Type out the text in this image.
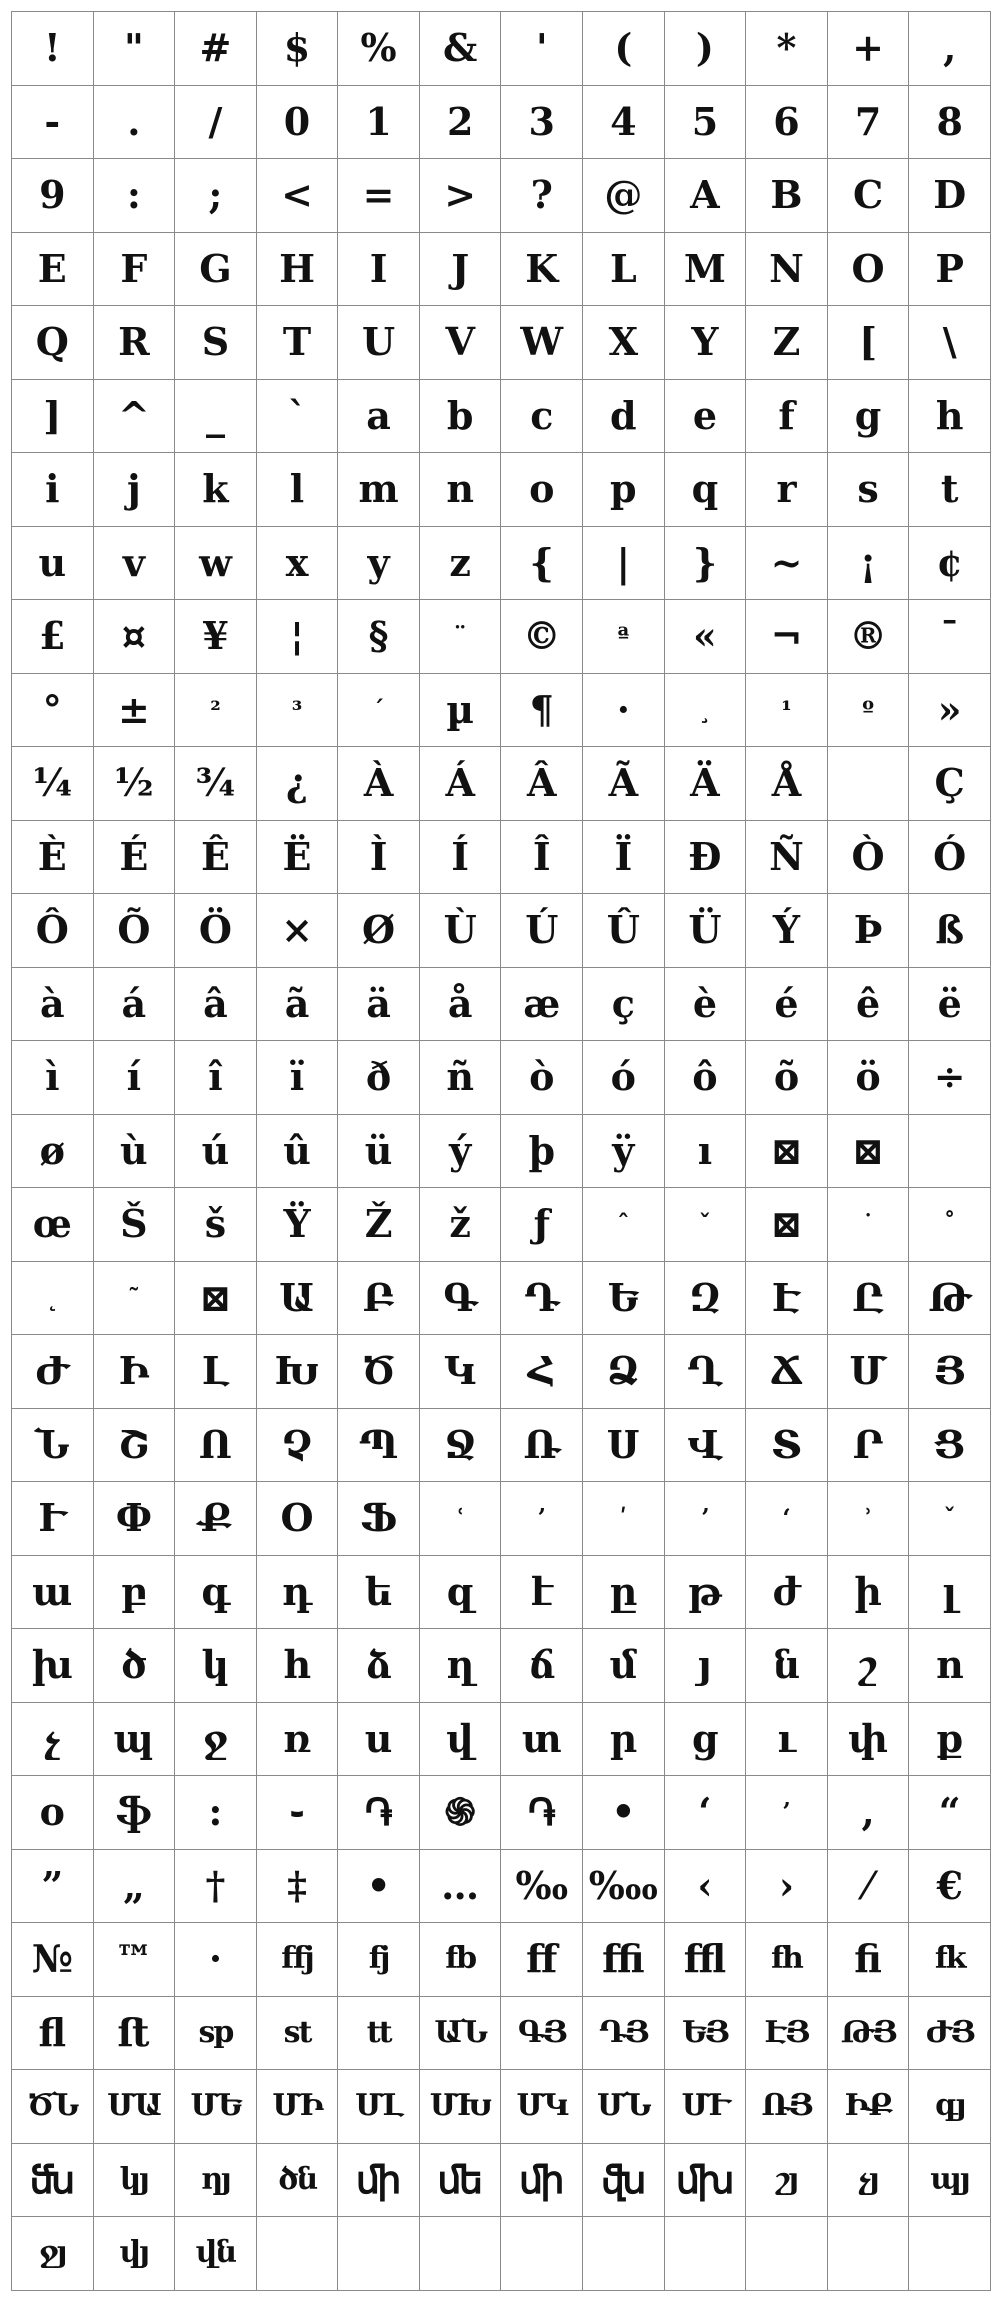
!	"	#	$	%	&	'	(	)	*	+	,
-	.	/	0	1	2	3	4	5	6	7	8
9	:	;	<	=	>	?	@	A	B	C	D
E	F	G	H	I	J	K	L	M	N	O	P
Q	R	S	T	U	V	W	X	Y	Z	[	\
]	^	_	`	a	b	c	d	e	f	g	h
i	j	k	l	m	n	o	p	q	r	s	t
u	v	w	x	y	z	{	|	}	~	¡	¢
£	¤	¥	¦	§	¨	©	ª	«	¬	®	¯
°	±	²	³	´	µ	¶	·	¸	¹	º	»
¼	½	¾	¿	À	Á	Â	Ã	Ä	Å		Ç
È	É	Ê	Ë	Ì	Í	Î	Ï	Ð	Ñ	Ò	Ó
Ô	Õ	Ö	×	Ø	Ù	Ú	Û	Ü	Ý	Þ	ß
à	á	â	ã	ä	å	æ	ç	è	é	ê	ë
ì	í	î	ï	ð	ñ	ò	ó	ô	õ	ö	÷
ø	ù	ú	û	ü	ý	þ	ÿ	ı	⊠	⊠	
œ	Š	š	Ÿ	Ž	ž	ƒ	ˆ	ˇ	⊠	˙	˚
˛	˜	⊠	Ա	Բ	Գ	Դ	Ե	Զ	Է	Ը	Թ
Ժ	Ի	Լ	Խ	Ծ	Կ	Հ	Ձ	Ղ	Ճ	Մ	Յ
Ն	Շ	Ո	Չ	Պ	Ջ	Ռ	Ս	Վ	Տ	Ր	Ց
Ւ	Փ	Ք	Օ	Ֆ	ʿ	’	ʹ	ʼ	ʻ	ʾ	ˇ
ա	բ	գ	դ	ե	զ	է	ը	թ	ժ	ի	լ
խ	ծ	կ	հ	ձ	ղ	ճ	մ	յ	ն	շ	ո
չ	պ	ջ	ռ	ս	վ	տ	ր	ց	ւ	փ	ք
օ	ֆ	:	֊	֏	֍	֏	•	‘	’	,	“
”	„	†	‡	•	…	‰	‱	‹	›	⁄	€
№	™	·	ﬀj	fj	fb	ﬀ	ﬃ	ﬄ	fh	ﬁ	fk
ﬂ	ﬅ	sp	st	tt	ԱՆ	ԳՅ	ԴՅ	ԵՅ	ԷՅ	ԹՅ	ԺՅ
ԾՆ	ՄԱ	ՄԵ	ՄԻ	ՄԼ	ՄԽ	ՄԿ	ՄՆ	ՄՒ	ՌՅ	ԻՔ	գյ
ﬓ	կյ	ղյ	ծն	ﬕ	ﬔ	ﬕ	ﬖ	ﬗ	շյ	չյ	պյ
ջյ	վյ	վն									
